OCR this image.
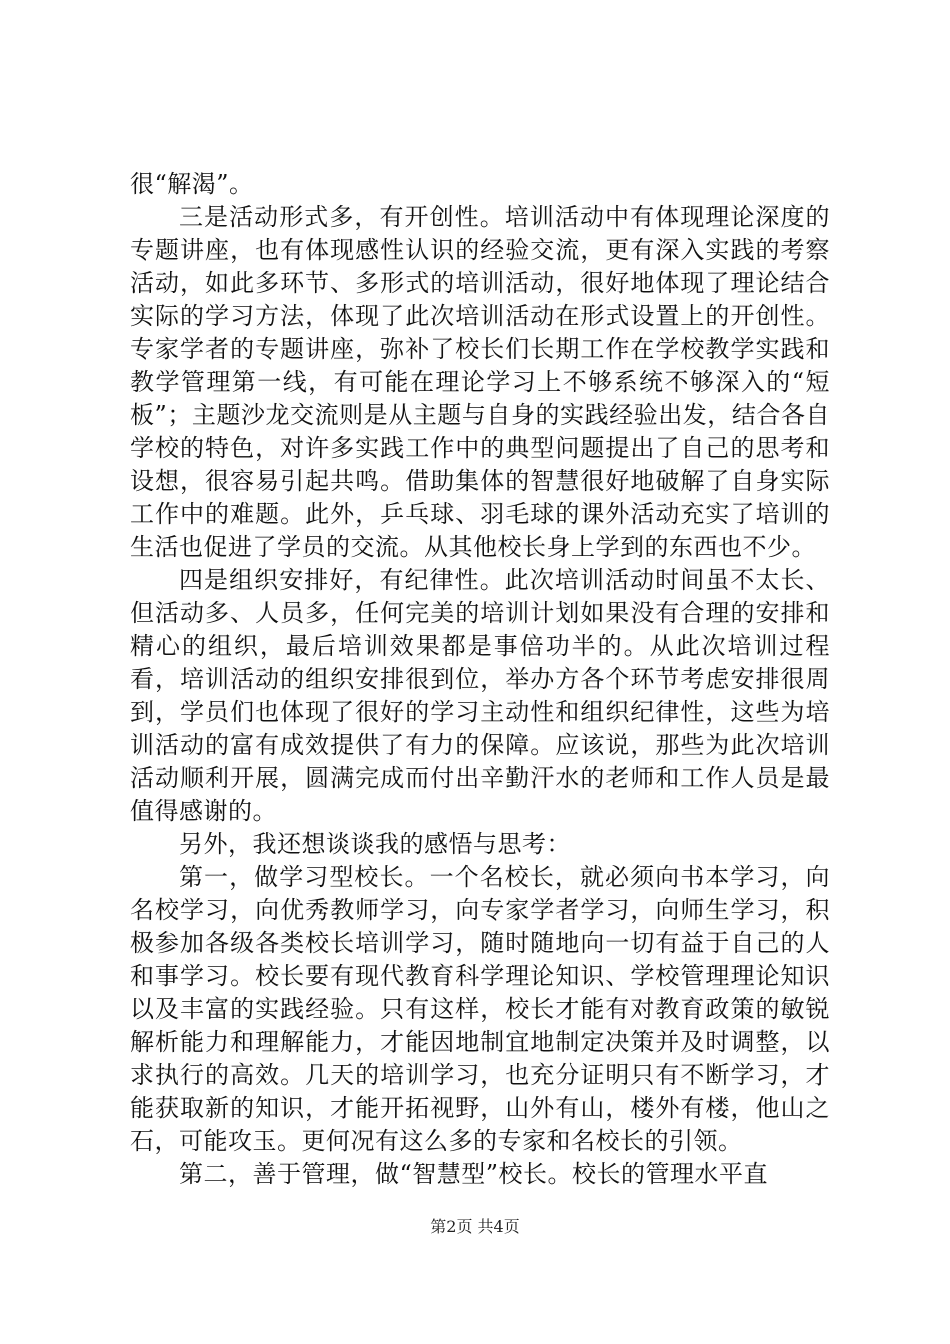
很“解渴”。

三是活动形式多，有开创性。培训活动中有体现理论深度的专题讲座，也有体现感性认识的经验交流，更有深入实践的考察活动，如此多环节、多形式的培训活动，很好地体现了理论结合实际的学习方法，体现了此次培训活动在形式设置上的开创性。专家学者的专题讲座，弥补了校长们长期工作在学校教学实践和教学管理第一线，有可能在理论学习上不够系统不够深入的“短板”；主题沙龙交流则是从主题与自身的实践经验出发，结合各自学校的特色，对许多实践工作中的典型问题提出了自己的思考和设想，很容易引起共鸣。借助集体的智慧很好地破解了自身实际工作中的难题。此外，乒乓球、羽毛球的课外活动充实了培训的生活也促进了学员的交流。从其他校长身上学到的东西也不少。

四是组织安排好，有纪律性。此次培训活动时间虽不太长、但活动多、人员多，任何完美的培训计划如果没有合理的安排和精心的组织，最后培训效果都是事倍功半的。从此次培训过程看，培训活动的组织安排很到位，举办方各个环节考虑安排很周到，学员们也体现了很好的学习主动性和组织纪律性，这些为培训活动的富有成效提供了有力的保障。应该说，那些为此次培训活动顺利开展，圆满完成而付出辛勤汗水的老师和工作人员是最值得感谢的。

另外，我还想谈谈我的感悟与思考：

第一，做学习型校长。一个名校长，就必须向书本学习，向名校学习，向优秀教师学习，向专家学者学习，向师生学习，积极参加各级各类校长培训学习，随时随地向一切有益于自己的人和事学习。校长要有现代教育科学理论知识、学校管理理论知识以及丰富的实践经验。只有这样，校长才能有对教育政策的敏锐解析能力和理解能力，才能因地制宜地制定决策并及时调整，以求执行的高效。几天的培训学习，也充分证明只有不断学习，才能获取新的知识，才能开拓视野，山外有山，楼外有楼，他山之石，可能攻玉。更何况有这么多的专家和名校长的引领。

第二，善于管理，做“智慧型”校长。校长的管理水平直

第2页 共4页
